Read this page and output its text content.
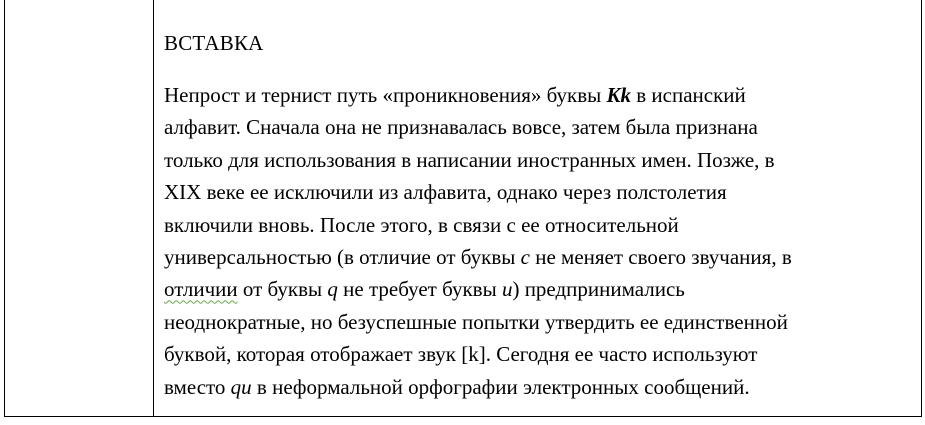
ВСТАВКА
Непрост и тернист путь «проникновения» буквы Kk в испанский
алфавит. Сначала она не признавалась вовсе, затем была признана
только для использования в написании иностранных имен. Позже, в
XIX веке ее исключили из алфавита, однако через полстолетия
включили вновь. После этого, в связи с ее относительной
универсальностью (в отличие от буквы c не меняет своего звучания, в
отличии от буквы q не требует буквы u) предпринимались
неоднократные, но безуспешные попытки утвердить ее единственной
буквой, которая отображает звук [k]. Сегодня ее часто используют
вместо qu в неформальной орфографии электронных сообщений.
